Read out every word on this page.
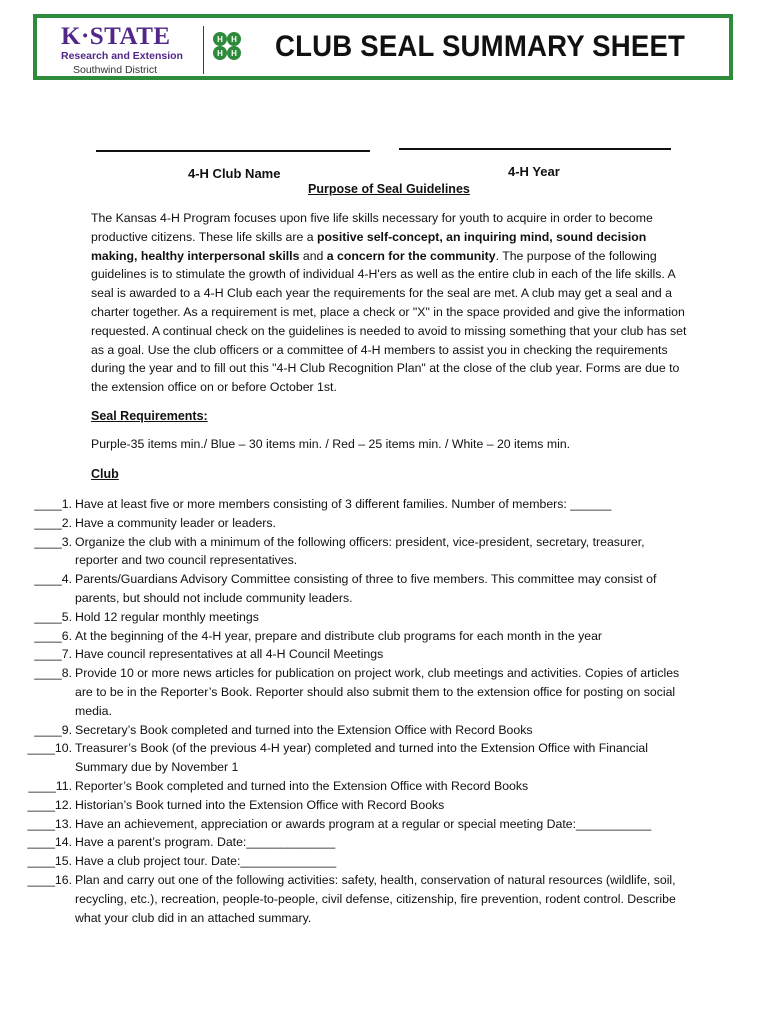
K·STATE
Research and Extension
Southwind District
H H
H H CLUB SEAL SUMMARY SHEET
4-H Club Name	4-H Year
Purpose of Seal Guidelines

The Kansas 4-H Program focuses upon five life skills necessary for youth to acquire in order to become productive citizens. These life skills are a positive self-concept, an inquiring mind, sound decision making, healthy interpersonal skills and a concern for the community. The purpose of the following guidelines is to stimulate the growth of individual 4-H'ers as well as the entire club in each of the life skills. A seal is awarded to a 4-H Club each year the requirements for the seal are met. A club may get a seal and a charter together. As a requirement is met, place a check or "X" in the space provided and give the information requested. A continual check on the guidelines is needed to avoid to missing something that your club has set as a goal. Use the club officers or a committee of 4-H members to assist you in checking the requirements during the year and to fill out this "4-H Club Recognition Plan" at the close of the club year. Forms are due to the extension office on or before October 1st.

Seal Requirements:
Purple-35 items min./ Blue – 30 items min. / Red – 25 items min. / White – 20 items min.
Club
____1. Have at least five or more members consisting of 3 different families. Number of members: ______
____2. Have a community leader or leaders.
____3. Organize the club with a minimum of the following officers: president, vice-president, secretary, treasurer, reporter and two council representatives.
____4. Parents/Guardians Advisory Committee consisting of three to five members. This committee may consist of parents, but should not include community leaders.
____5. Hold 12 regular monthly meetings
____6. At the beginning of the 4-H year, prepare and distribute club programs for each month in the year
____7. Have council representatives at all 4-H Council Meetings
____8. Provide 10 or more news articles for publication on project work, club meetings and activities. Copies of articles are to be in the Reporter’s Book. Reporter should also submit them to the extension office for posting on social media.
____9. Secretary’s Book completed and turned into the Extension Office with Record Books
____10. Treasurer’s Book (of the previous 4-H year) completed and turned into the Extension Office with Financial Summary due by November 1
____11. Reporter’s Book completed and turned into the Extension Office with Record Books
____12. Historian’s Book turned into the Extension Office with Record Books
____13. Have an achievement, appreciation or awards program at a regular or special meeting Date:___________
____14. Have a parent’s program. Date:_____________
____15. Have a club project tour. Date:______________
____16. Plan and carry out one of the following activities: safety, health, conservation of natural resources (wildlife, soil, recycling, etc.), recreation, people-to-people, civil defense, citizenship, fire prevention, rodent control. Describe what your club did in an attached summary.
